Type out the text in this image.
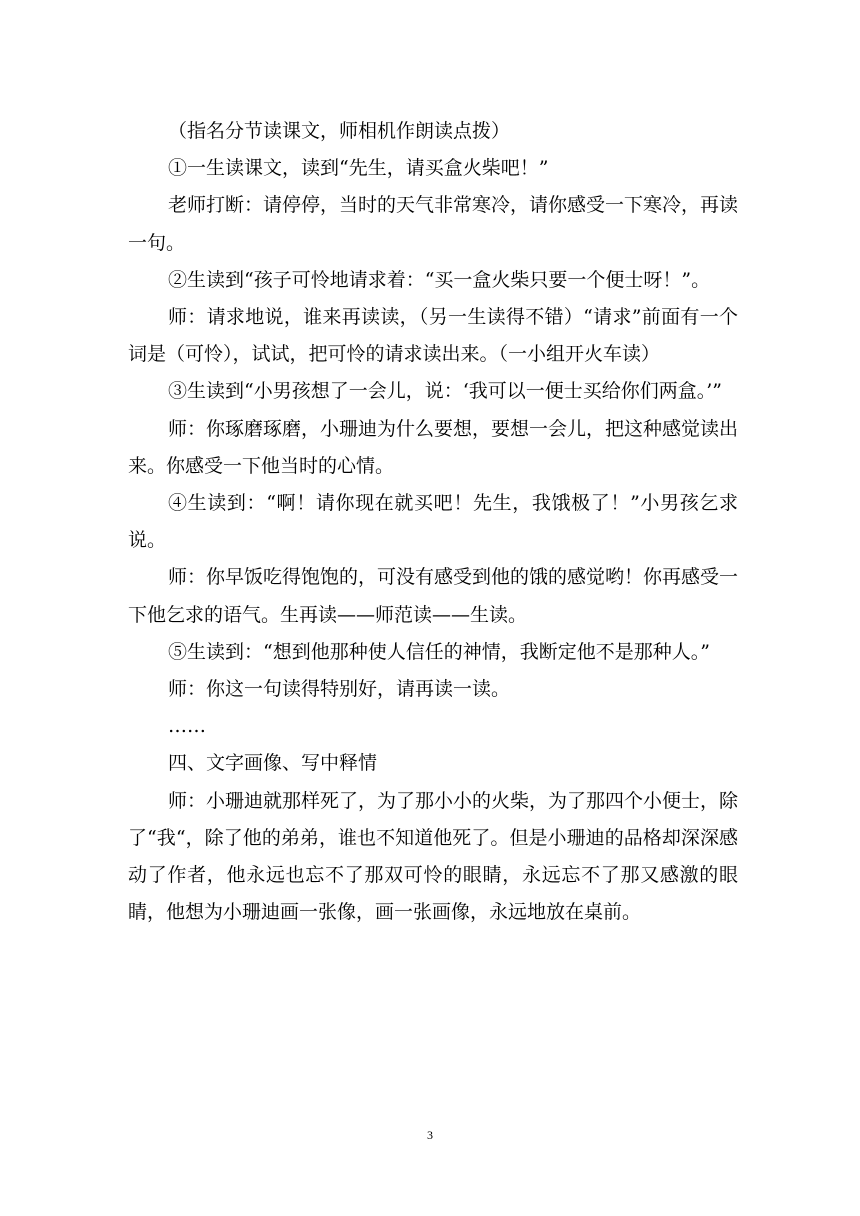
（指名分节读课文，师相机作朗读点拨）

①一生读课文，读到“先生，请买盒火柴吧！”

老师打断：请停停，当时的天气非常寒冷，请你感受一下寒冷，再读一句。

②生读到“孩子可怜地请求着：“买一盒火柴只要一个便士呀！”。

师：请求地说，谁来再读读，（另一生读得不错）“请求”前面有一个词是（可怜），试试，把可怜的请求读出来。（一小组开火车读）

③生读到“小男孩想了一会儿，说：‘我可以一便士买给你们两盒。’”

师：你琢磨琢磨，小珊迪为什么要想，要想一会儿，把这种感觉读出来。你感受一下他当时的心情。

④生读到：“啊！请你现在就买吧！先生，我饿极了！”小男孩乞求说。

师：你早饭吃得饱饱的，可没有感受到他的饿的感觉哟！你再感受一下他乞求的语气。生再读——师范读——生读。

⑤生读到：“想到他那种使人信任的神情，我断定他不是那种人。”

师：你这一句读得特别好，请再读一读。

……

四、文字画像、写中释情

师：小珊迪就那样死了，为了那小小的火柴，为了那四个小便士，除了“我“，除了他的弟弟，谁也不知道他死了。但是小珊迪的品格却深深感动了作者，他永远也忘不了那双可怜的眼睛，永远忘不了那又感激的眼睛，他想为小珊迪画一张像，画一张画像，永远地放在桌前。

3
